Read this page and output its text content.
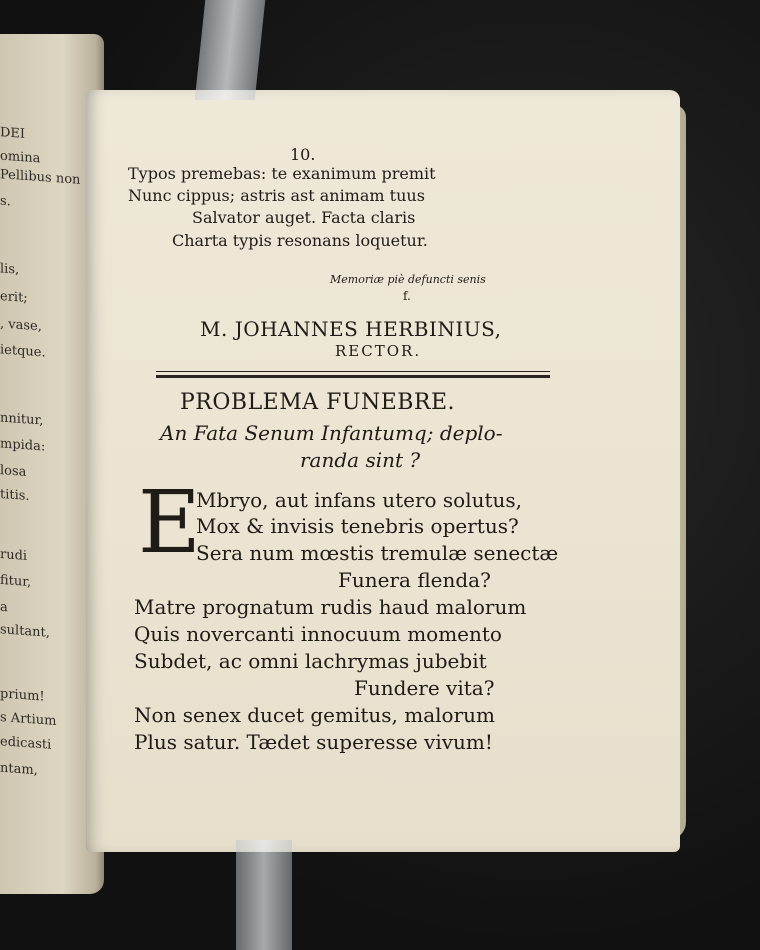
DEI
omina
Pellibus non
s.
lis,
erit;
, vase,
ietque.
nnitur,
mpida:
losa
titis.
rudi
fitur,
a
sultant,
prium!
s Artium
edicasti
ntam,
10.
Typos premebas: te exanimum premit
Nunc cippus; astris ast animam tuus
Salvator auget. Facta claris
Charta typis resonans loquetur.
Memoriæ piè defuncti senis
f.
M. JOHANNES HERBINIUS,
RECTOR.
PROBLEMA FUNEBRE.
An Fata Senum Infantumq; deplo-
randa sint ?
E
Mbryo, aut infans utero solutus,
Mox & invisis tenebris opertus?
Sera num mœstis tremulæ senectæ
Funera flenda?
Matre prognatum rudis haud malorum
Quis novercanti innocuum momento
Subdet, ac omni lachrymas jubebit
Fundere vita?
Non senex ducet gemitus, malorum
Plus satur. Tædet superesse vivum!
